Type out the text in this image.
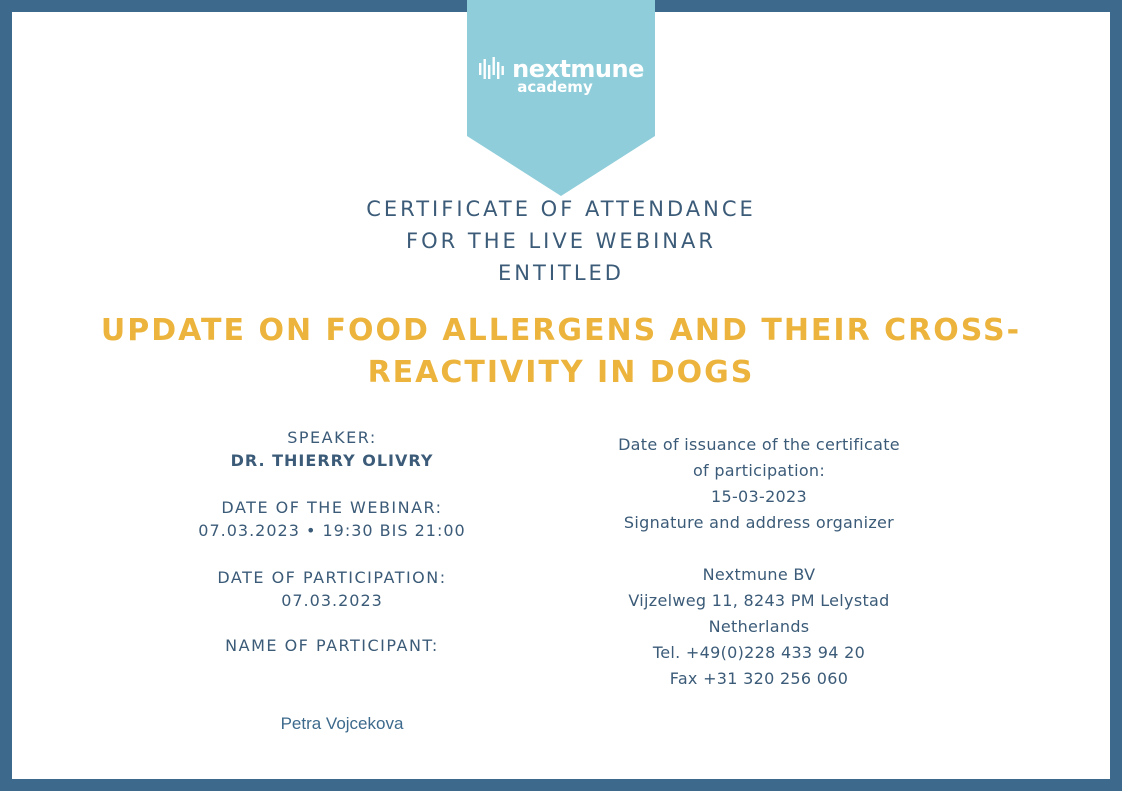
nextmune
academy
CERTIFICATE OF ATTENDANCE
FOR THE LIVE WEBINAR
ENTITLED
UPDATE ON FOOD ALLERGENS AND THEIR CROSS-
REACTIVITY IN DOGS
SPEAKER:
DR. THIERRY OLIVRY
DATE OF THE WEBINAR:
07.03.2023 • 19:30 BIS 21:00
DATE OF PARTICIPATION:
07.03.2023
NAME OF PARTICIPANT:
Petra Vojcekova
Date of issuance of the certificate
of participation:
15-03-2023
Signature and address organizer
Nextmune BV
Vijzelweg 11, 8243 PM Lelystad
Netherlands
Tel. +49(0)228 433 94 20
Fax +31 320 256 060
